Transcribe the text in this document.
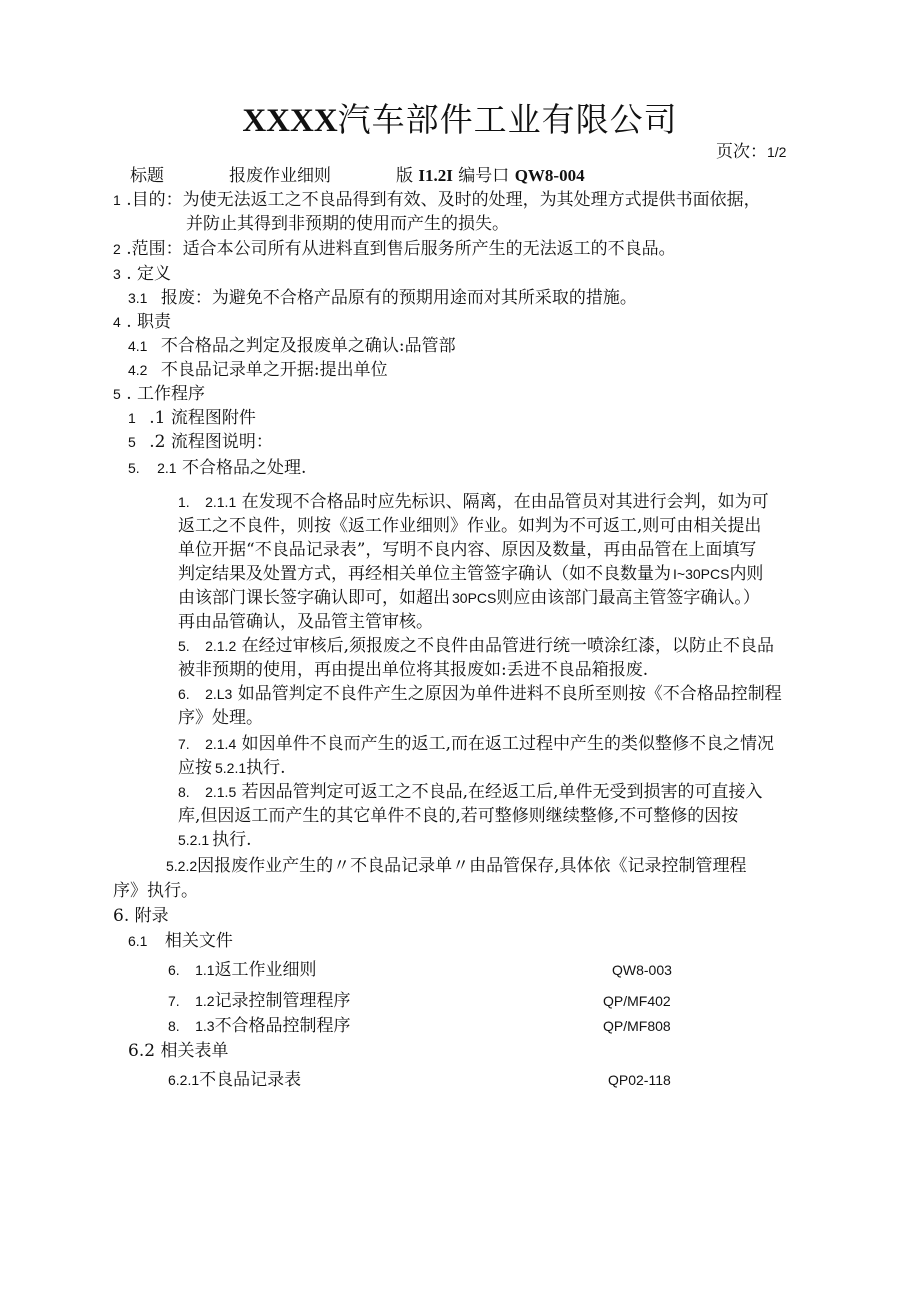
XXXX汽车部件工业有限公司
页次：1/2
标题	报废作业细则	版 I1.2I 编号口 QW8-004
1 .目的：为使无法返工之不良品得到有效、及时的处理，为其处理方式提供书面依据，
并防止其得到非预期的使用而产生的损失。
2 .范围：适合本公司所有从进料直到售后服务所产生的无法返工的不良品。
3 . 定义
3.1 报废：为避免不合格产品原有的预期用途而对其所采取的措施。
4 . 职责
4.1 不合格品之判定及报废单之确认:品管部
4.2 不良品记录单之开据:提出单位
5 . 工作程序
1 .1 流程图附件
5 .2 流程图说明：
5. 2.1 不合格品之处理.
1. 2.1.1 在发现不合格品时应先标识、隔离，在由品管员对其进行会判，如为可
返工之不良件，则按《返工作业细则》作业。如判为不可返工,则可由相关提出
单位开据“不良品记录表”，写明不良内容、原因及数量，再由品管在上面填写
判定结果及处置方式，再经相关单位主管签字确认（如不良数量为 I~30PCS内则
由该部门课长签字确认即可，如超出 30PCS则应由该部门最高主管签字确认。）
再由品管确认，及品管主管审核。
5. 2.1.2 在经过审核后,须报废之不良件由品管进行统一喷涂红漆，以防止不良品
被非预期的使用，再由提出单位将其报废如:丢进不良品箱报废.
6. 2.L3 如品管判定不良件产生之原因为单件进料不良所至则按《不合格品控制程
序》处理。
7. 2.1.4 如因单件不良而产生的返工,而在返工过程中产生的类似整修不良之情况
应按 5.2.1执行.
8. 2.1.5 若因品管判定可返工之不良品,在经返工后,单件无受到损害的可直接入
库,但因返工而产生的其它单件不良的,若可整修则继续整修,不可整修的因按
5.2.1 执行.
5.2.2因报废作业产生的〃不良品记录单〃由品管保存,具体依《记录控制管理程
序》执行。
6. 附录
6.1 相关文件
6. 1.1返工作业细则	QW8-003
7. 1.2记录控制管理程序	QP/MF402
8. 1.3不合格品控制程序	QP/MF808
6.2 相关表单
6.2.1不良品记录表	QP02-118
